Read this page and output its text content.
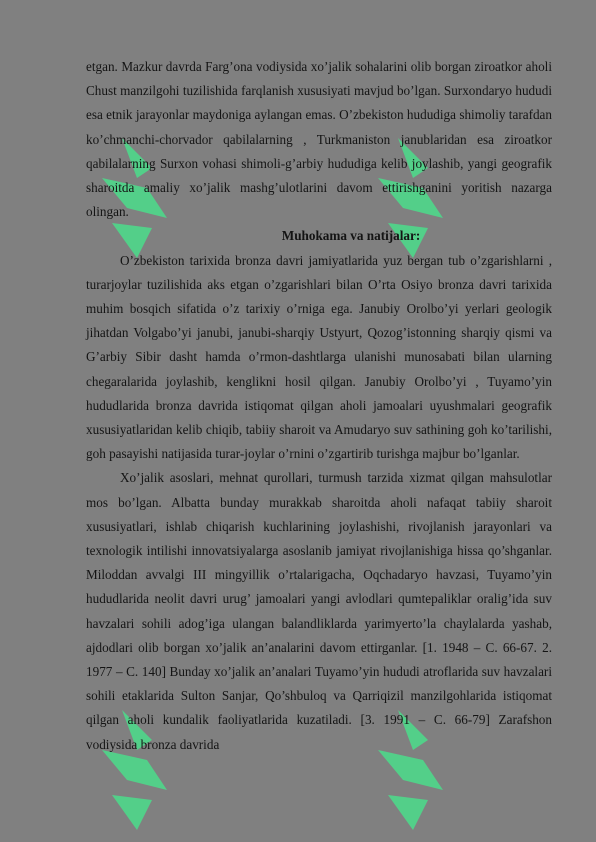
etgan. Mazkur davrda Farg’ona vodiysida xo’jalik sohalarini olib borgan ziroatkor aholi Chust manzilgohi tuzilishida farqlanish xususiyati mavjud bo’lgan. Surxondaryo hududi esa etnik jarayonlar maydoniga aylangan emas. O’zbekiston hududiga shimoliy tarafdan ko’chmanchi-chorvador qabilalarning , Turkmaniston janublaridan esa ziroatkor qabilalarning Surxon vohasi shimoli-g’arbiy hududiga kelib joylashib, yangi geografik sharoitda amaliy xo’jalik mashg’ulotlarini davom ettirishganini yoritish nazarga olingan.

Muhokama va natijalar:

O’zbekiston tarixida bronza davri jamiyatlarida yuz bergan tub o’zgarishlarni , turarjoylar tuzilishida aks etgan o’zgarishlari bilan O’rta Osiyo bronza davri tarixida muhim bosqich sifatida o’z tarixiy o’rniga ega. Janubiy Orolbo’yi yerlari geologik jihatdan Volgabo’yi janubi, janubi-sharqiy Ustyurt, Qozog’istonning sharqiy qismi va G’arbiy Sibir dasht hamda o’rmon-dashtlarga ulanishi munosabati bilan ularning chegaralarida joylashib, kenglikni hosil qilgan. Janubiy Orolbo’yi , Tuyamo’yin hududlarida bronza davrida istiqomat qilgan aholi jamoalari uyushmalari geografik xususiyatlaridan kelib chiqib, tabiiy sharoit va Amudaryo suv sathining goh ko’tarilishi, goh pasayishi natijasida turar-joylar o’rnini o’zgartirib turishga majbur bo’lganlar.

Xo’jalik asoslari, mehnat qurollari, turmush tarzida xizmat qilgan mahsulotlar mos bo’lgan. Albatta bunday murakkab sharoitda aholi nafaqat tabiiy sharoit xususiyatlari, ishlab chiqarish kuchlarining joylashishi, rivojlanish jarayonlari va texnologik intilishi innovatsiyalarga asoslanib jamiyat rivojlanishiga hissa qo’shganlar. Miloddan avvalgi III mingyillik o’rtalarigacha, Oqchadaryo havzasi, Tuyamo’yin hududlarida neolit davri urug’ jamoalari yangi avlodlari qumtepaliklar oralig’ida suv havzalari sohili adog’iga ulangan balandliklarda yarimyerto’la chaylalarda yashab, ajdodlari olib borgan xo’jalik an’analarini davom ettirganlar. [1. 1948 – C. 66-67. 2. 1977 – C. 140] Bunday xo’jalik an’analari Tuyamo’yin hududi atroflarida suv havzalari sohili etaklarida Sulton Sanjar, Qo’shbuloq va Qarriqizil manzilgohlarida istiqomat qilgan aholi kundalik faoliyatlarida kuzatiladi. [3. 1991 – C. 66-79] Zarafshon vodiysida bronza davrida
